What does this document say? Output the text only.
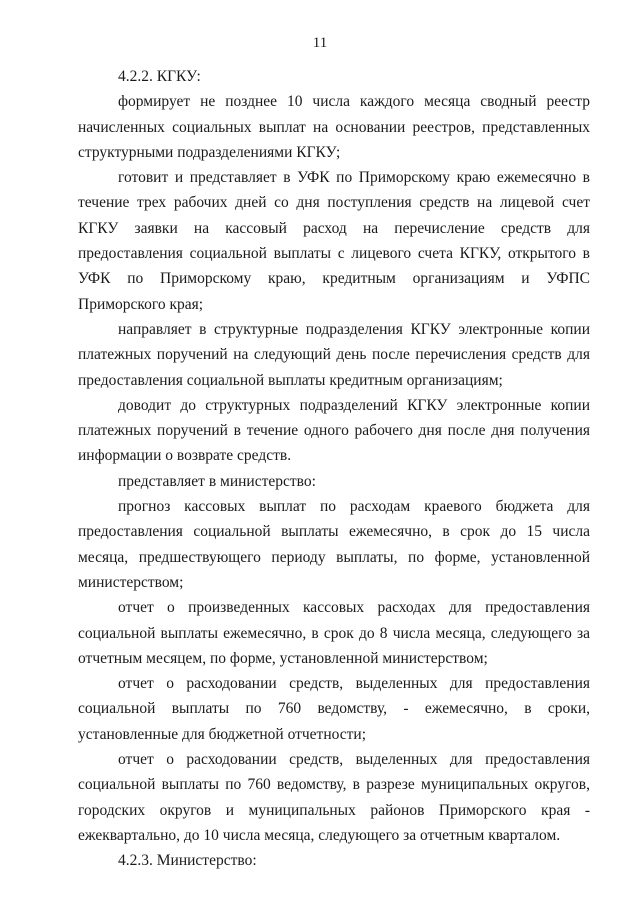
11

4.2.2. КГКУ:

формирует не позднее 10 числа каждого месяца сводный реестр начисленных социальных выплат на основании реестров, представленных структурными подразделениями КГКУ;

готовит и представляет в УФК по Приморскому краю ежемесячно в течение трех рабочих дней со дня поступления средств на лицевой счет КГКУ заявки на кассовый расход на перечисление средств для предоставления социальной выплаты с лицевого счета КГКУ, открытого в УФК по Приморскому краю, кредитным организациям и УФПС Приморского края;

направляет в структурные подразделения КГКУ электронные копии платежных поручений на следующий день после перечисления средств для предоставления социальной выплаты кредитным организациям;

доводит до структурных подразделений КГКУ электронные копии платежных поручений в течение одного рабочего дня после дня получения информации о возврате средств.

представляет в министерство:

прогноз кассовых выплат по расходам краевого бюджета для предоставления социальной выплаты ежемесячно, в срок до 15 числа месяца, предшествующего периоду выплаты, по форме, установленной министерством;

отчет о произведенных кассовых расходах для предоставления социальной выплаты ежемесячно, в срок до 8 числа месяца, следующего за отчетным месяцем, по форме, установленной министерством;

отчет о расходовании средств, выделенных для предоставления социальной выплаты по 760 ведомству, - ежемесячно, в сроки, установленные для бюджетной отчетности;

отчет о расходовании средств, выделенных для предоставления социальной выплаты по 760 ведомству, в разрезе муниципальных округов, городских округов и муниципальных районов Приморского края - ежеквартально, до 10 числа месяца, следующего за отчетным кварталом.

4.2.3. Министерство:
